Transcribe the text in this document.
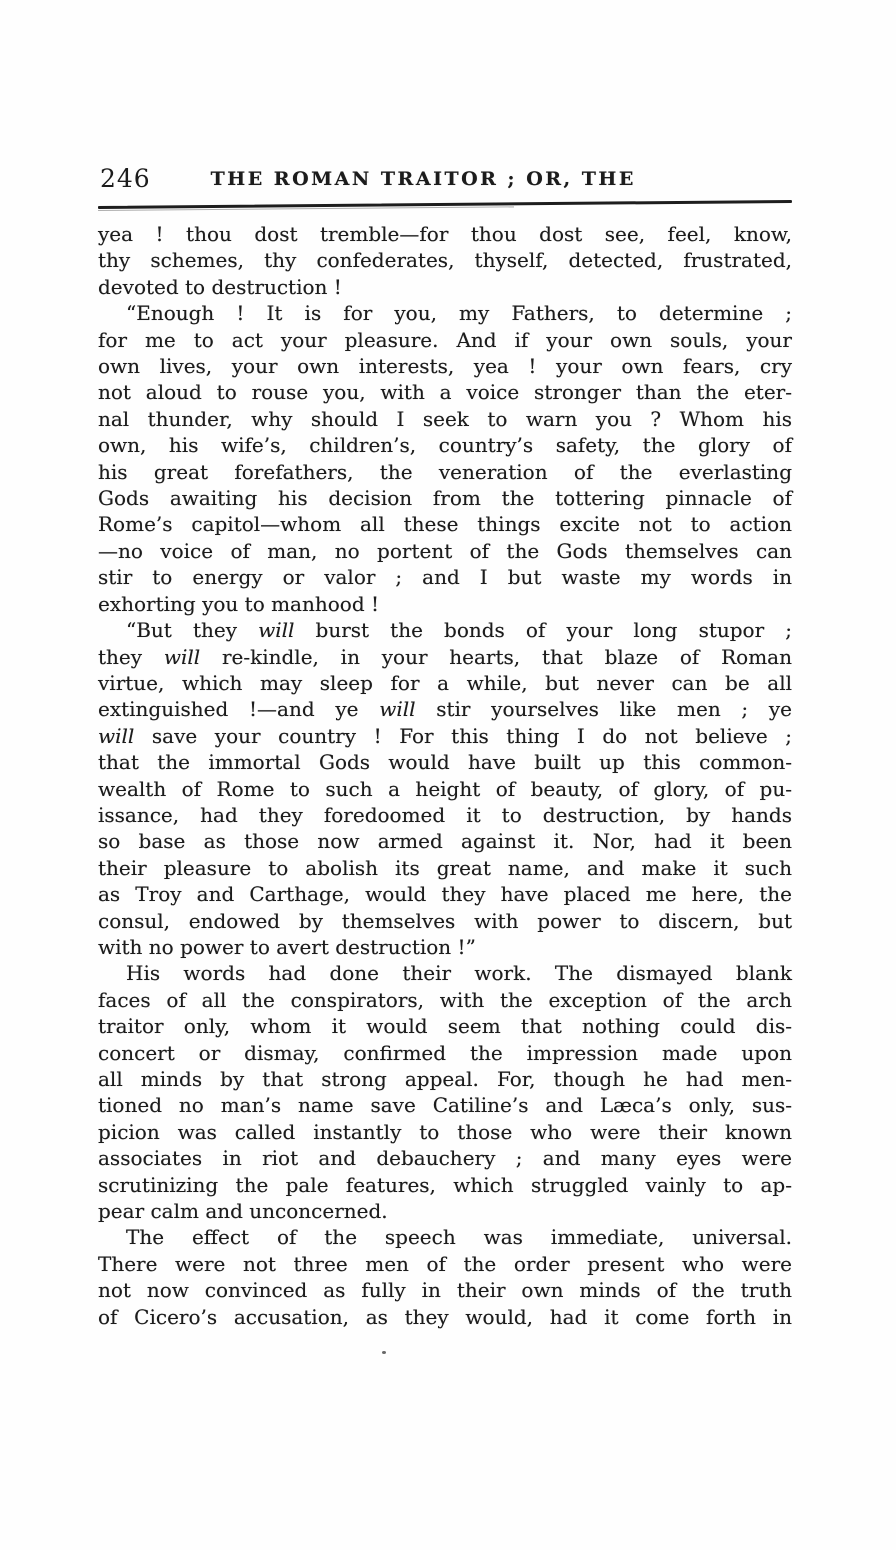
246	THE ROMAN TRAITOR ; OR, THE
yea ! thou dost tremble—for thou dost see, feel, know,
thy schemes, thy confederates, thyself, detected, frustrated,
devoted to destruction !
“Enough ! It is for you, my Fathers, to determine ;
for me to act your pleasure. And if your own souls, your
own lives, your own interests, yea ! your own fears, cry
not aloud to rouse you, with a voice stronger than the eter-
nal thunder, why should I seek to warn you ? Whom his
own, his wife’s, children’s, country’s safety, the glory of
his great forefathers, the veneration of the everlasting
Gods awaiting his decision from the tottering pinnacle of
Rome’s capitol—whom all these things excite not to action
—no voice of man, no portent of the Gods themselves can
stir to energy or valor ; and I but waste my words in
exhorting you to manhood !
“But they will burst the bonds of your long stupor ;
they will re-kindle, in your hearts, that blaze of Roman
virtue, which may sleep for a while, but never can be all
extinguished !—and ye will stir yourselves like men ; ye
will save your country ! For this thing I do not believe ;
that the immortal Gods would have built up this common-
wealth of Rome to such a height of beauty, of glory, of pu-
issance, had they foredoomed it to destruction, by hands
so base as those now armed against it. Nor, had it been
their pleasure to abolish its great name, and make it such
as Troy and Carthage, would they have placed me here, the
consul, endowed by themselves with power to discern, but
with no power to avert destruction !”
His words had done their work. The dismayed blank
faces of all the conspirators, with the exception of the arch
traitor only, whom it would seem that nothing could dis-
concert or dismay, confirmed the impression made upon
all minds by that strong appeal. For, though he had men-
tioned no man’s name save Catiline’s and Læca’s only, sus-
picion was called instantly to those who were their known
associates in riot and debauchery ; and many eyes were
scrutinizing the pale features, which struggled vainly to ap-
pear calm and unconcerned.
The effect of the speech was immediate, universal.
There were not three men of the order present who were
not now convinced as fully in their own minds of the truth
of Cicero’s accusation, as they would, had it come forth in
